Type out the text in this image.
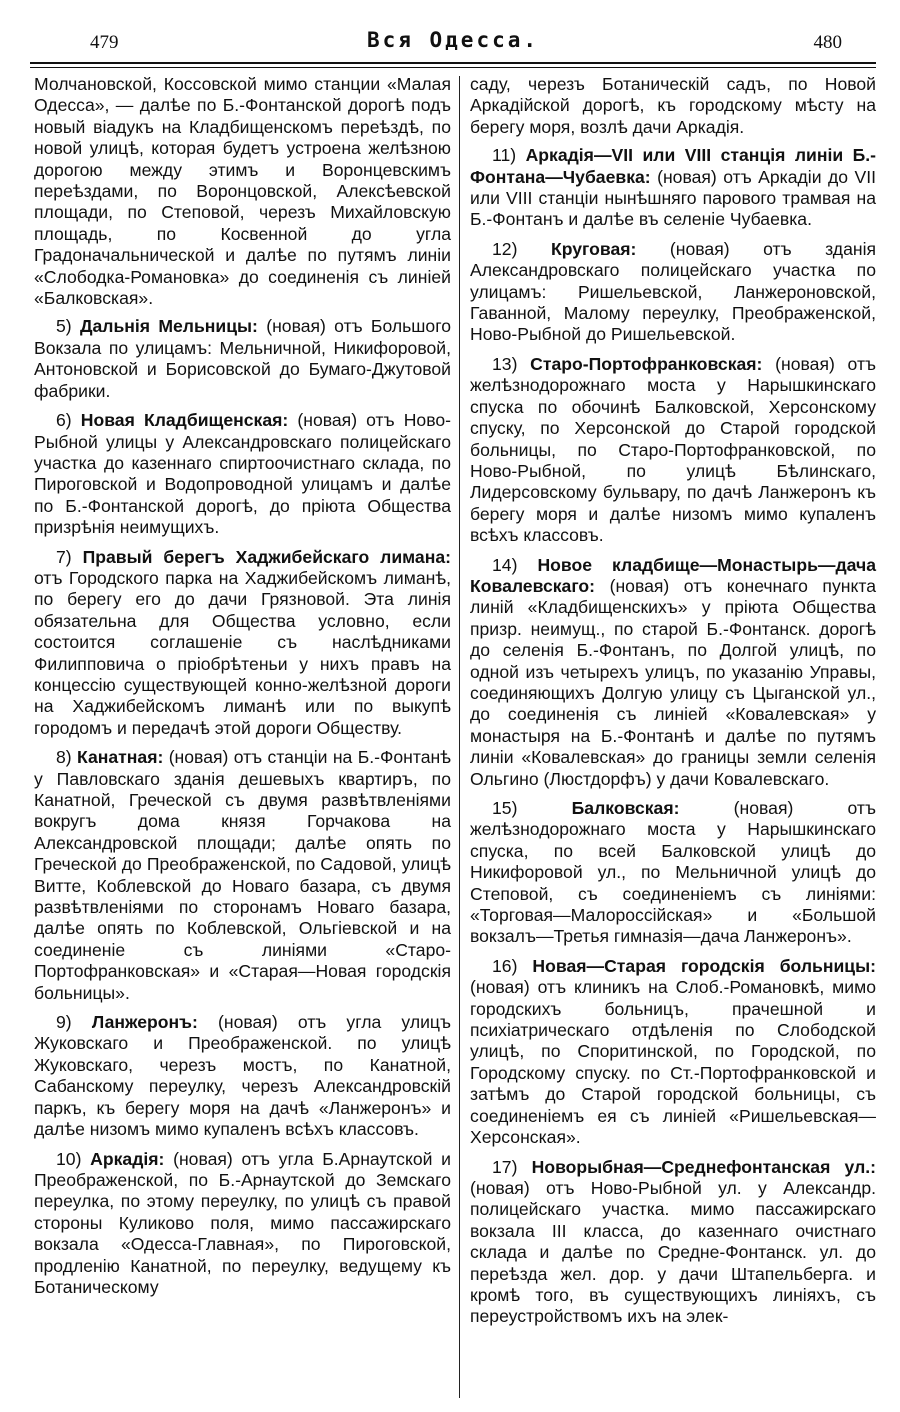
479	Вся Одесса.	480

Молчановской, Коссовской мимо станции «Малая Одесса», — далѣе по Б.-Фонтанской дорогѣ подъ новый віадукъ на Кладбищенскомъ переѣздѣ, по новой улицѣ, которая будетъ устроена желѣзною дорогою между этимъ и Воронцевскимъ переѣздами, по Воронцовской, Алексѣевской площади, по Степовой, черезъ Михайловскую площадь, по Косвенной до угла Градоначальнической и далѣе по путямъ линіи «Слободка-Романовка» до соединенія съ линіей «Балковская».

5) Дальнія Мельницы: (новая) отъ Большого Вокзала по улицамъ: Мельничной, Никифоровой, Антоновской и Борисовской до Бумаго-Джутовой фабрики.

6) Новая Кладбищенская: (новая) отъ Ново-Рыбной улицы у Александровскаго полицейскаго участка до казеннаго спиртоочистнаго склада, по Пироговской и Водопроводной улицамъ и далѣе по Б.-Фонтанской дорогѣ, до пріюта Общества призрѣнія неимущихъ.

7) Правый берегъ Хаджибейскаго лимана: отъ Городского парка на Хаджибейскомъ лиманѣ, по берегу его до дачи Грязновой. Эта линія обязательна для Общества условно, если состоится соглашеніе съ наслѣдниками Филипповича о пріобрѣтеньи у нихъ правъ на концессію существующей конно-желѣзной дороги на Хаджибейскомъ лиманѣ или по выкупѣ городомъ и передачѣ этой дороги Обществу.

8) Канатная: (новая) отъ станціи на Б.-Фонтанѣ у Павловскаго зданія дешевыхъ квартиръ, по Канатной, Греческой съ двумя развѣтвленіями вокругъ дома князя Горчакова на Александровской площади; далѣе опять по Греческой до Преображенской, по Садовой, улицѣ Витте, Коблевской до Новаго базара, съ двумя развѣтвленіями по сторонамъ Новаго базара, далѣе опять по Коблевской, Ольгіевской и на соединеніе съ линіями «Старо-Портофранковская» и «Старая—Новая городскія больницы».

9) Ланжеронъ: (новая) отъ угла улицъ Жуковскаго и Преображенской. по улицѣ Жуковскаго, черезъ мостъ, по Канатной, Сабанскому переулку, черезъ Александровскій паркъ, къ берегу моря на дачѣ «Ланжеронъ» и далѣе низомъ мимо купаленъ всѣхъ классовъ.

10) Аркадія: (новая) отъ угла Б.Арнаутской и Преображенской, по Б.-Арнаутской до Земскаго переулка, по этому переулку, по улицѣ съ правой стороны Куликово поля, мимо пассажирскаго вокзала «Одесса-Главная», по Пироговской, продленію Канатной, по переулку, ведущему къ Ботаническому

саду, черезъ Ботаническій садъ, по Новой Аркадійской дорогѣ, къ городскому мѣсту на берегу моря, возлѣ дачи Аркадія.

11) Аркадія—VII или VIII станція линіи Б.-Фонтана—Чубаевка: (новая) отъ Аркадіи до VII или VIII станціи нынѣшняго парового трамвая на Б.-Фонтанъ и далѣе въ селеніе Чубаевка.

12) Круговая: (новая) отъ зданія Александровскаго полицейскаго участка по улицамъ: Ришельевской, Ланжероновской, Гаванной, Малому переулку, Преображенской, Ново-Рыбной до Ришельевской.

13) Старо-Портофранковская: (новая) отъ желѣзнодорожнаго моста у Нарышкинскаго спуска по обочинѣ Балковской, Херсонскому спуску, по Херсонской до Старой городской больницы, по Старо-Портофранковской, по Ново-Рыбной, по улицѣ Бѣлинскаго, Лидерсовскому бульвару, по дачѣ Ланжеронъ къ берегу моря и далѣе низомъ мимо купаленъ всѣхъ классовъ.

14) Новое кладбище—Монастырь—дача Ковалевскаго: (новая) отъ конечнаго пункта линій «Кладбищенскихъ» у пріюта Общества призр. неимущ., по старой Б.-Фонтанск. дорогѣ до селенія Б.-Фонтанъ, по Долгой улицѣ, по одной изъ четырехъ улицъ, по указанію Управы, соединяющихъ Долгую улицу съ Цыганской ул., до соединенія съ линіей «Ковалевская» у монастыря на Б.-Фонтанѣ и далѣе по путямъ линіи «Ковалевская» до границы земли селенія Ольгино (Люстдорфъ) у дачи Ковалевскаго.

15)	Балковская:	(новая) отъ желѣзнодорожнаго моста у Нарышкинскаго спуска, по всей Балковской улицѣ до Никифоровой ул., по Мельничной улицѣ до Степовой, съ соединеніемъ съ линіями: «Торговая—Малороссійская» и «Большой вокзалъ—Третья гимназія—дача Ланжеронъ».

16) Новая—Старая городскія больницы: (новая) отъ клиникъ на Слоб.-Романовкѣ, мимо городскихъ больницъ, прачешной и психіатрическаго отдѣленія по Слободской улицѣ, по Споритинской, по Городской, по Городскому спуску. по Ст.-Портофранковской и затѣмъ до Старой городской больницы, съ соединеніемъ ея съ линіей «Ришельевская—Херсонская».

17) Новорыбная—Среднефонтанская ул.: (новая) отъ Ново-Рыбной ул. у Александр. полицейскаго участка. мимо пассажирскаго вокзала III класса, до казеннаго очистнаго склада и далѣе по Средне-Фонтанск. ул. до переѣзда жел. дор. у дачи Штапельберга. и кромѣ того, въ существующихъ линіяхъ, съ переустройствомъ ихъ на элек-
